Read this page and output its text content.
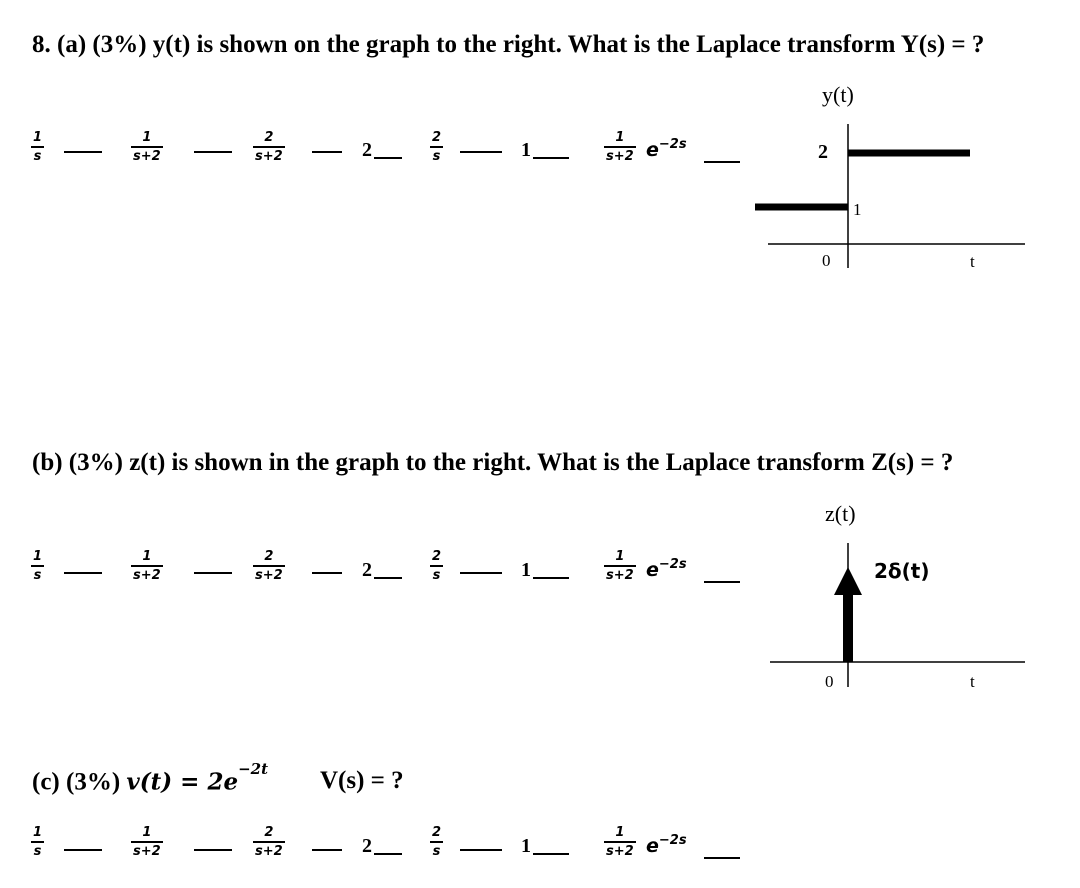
8. (a) (3%) y(t) is shown on the graph to the right. What is the Laplace transform Y(s) = ?
1
s
1
s+2
2
s+2	2
2
s	1
1
s+2 $e^{-2s}$
y(t)
2
1
0	t
(b) (3%) z(t) is shown in the graph to the right. What is the Laplace transform Z(s) = ?
1
s
1
s+2
2
s+2	2
2
s	1
1
s+2 $e^{-2s}$
z(t)
2δ(t)
0	t
(c) (3%) $v(t) = 2e^{-2t}$ V(s) = ?
1
s
1
s+2
2
s+2	2
2
s	1
1
s+2 $e^{-2s}$
